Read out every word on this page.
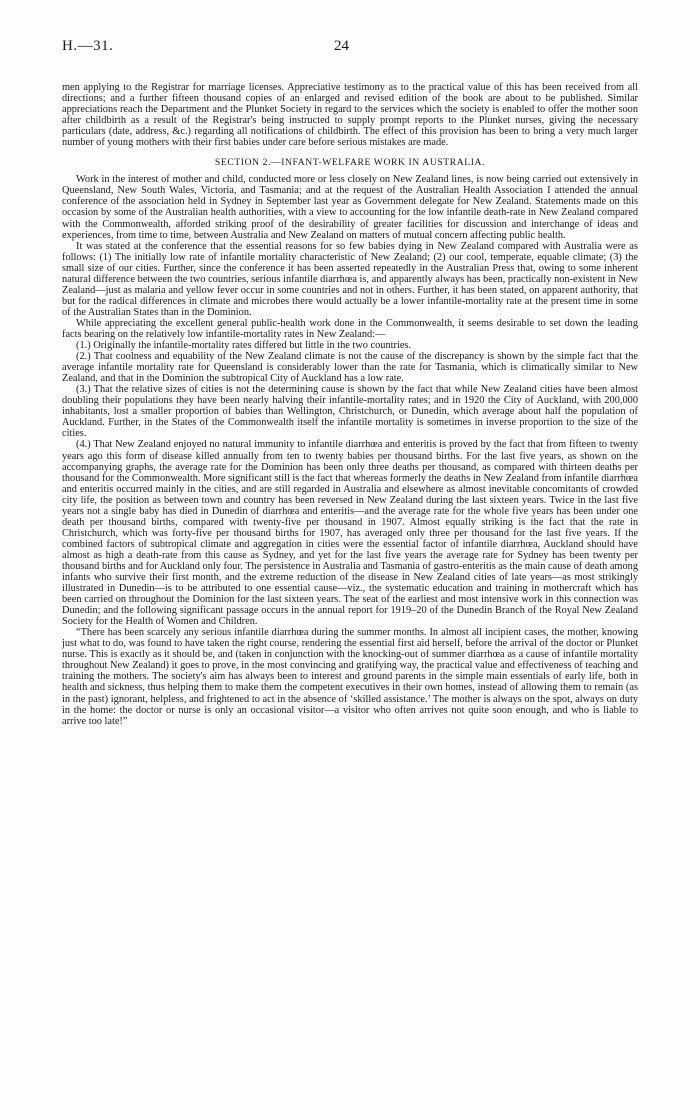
H.—31.	24

men applying to the Registrar for marriage licenses. Appreciative testimony as to the practical value of this has been received from all directions; and a further fifteen thousand copies of an enlarged and revised edition of the book are about to be published. Similar appreciations reach the Department and the Plunket Society in regard to the services which the society is enabled to offer the mother soon after childbirth as a result of the Registrar's being instructed to supply prompt reports to the Plunket nurses, giving the necessary particulars (date, address, &c.) regarding all notifications of childbirth. The effect of this provision has been to bring a very much larger number of young mothers with their first babies under care before serious mistakes are made.

SECTION 2.—INFANT-WELFARE WORK IN AUSTRALIA.

Work in the interest of mother and child, conducted more or less closely on New Zealand lines, is now being carried out extensively in Queensland, New South Wales, Victoria, and Tasmania; and at the request of the Australian Health Association I attended the annual conference of the association held in Sydney in September last year as Government delegate for New Zealand. Statements made on this occasion by some of the Australian health authorities, with a view to accounting for the low infantile death-rate in New Zealand compared with the Commonwealth, afforded striking proof of the desirability of greater facilities for discussion and interchange of ideas and experiences, from time to time, between Australia and New Zealand on matters of mutual concern affecting public health.

It was stated at the conference that the essential reasons for so few babies dying in New Zealand compared with Australia were as follows: (1) The initially low rate of infantile mortality characteristic of New Zealand; (2) our cool, temperate, equable climate; (3) the small size of our cities. Further, since the conference it has been asserted repeatedly in the Australian Press that, owing to some inherent natural difference between the two countries, serious infantile diarrhœa is, and apparently always has been, practically non-existent in New Zealand—just as malaria and yellow fever occur in some countries and not in others. Further, it has been stated, on apparent authority, that but for the radical differences in climate and microbes there would actually be a lower infantile-mortality rate at the present time in some of the Australian States than in the Dominion.

While appreciating the excellent general public-health work done in the Commonwealth, it seems desirable to set down the leading facts bearing on the relatively low infantile-mortality rates in New Zealand:—

(1.) Originally the infantile-mortality rates differed but little in the two countries.

(2.) That coolness and equability of the New Zealand climate is not the cause of the discrepancy is shown by the simple fact that the average infantile mortality rate for Queensland is considerably lower than the rate for Tasmania, which is climatically similar to New Zealand, and that in the Dominion the subtropical City of Auckland has a low rate.

(3.) That the relative sizes of cities is not the determining cause is shown by the fact that while New Zealand cities have been almost doubling their populations they have been nearly halving their infantile-mortality rates; and in 1920 the City of Auckland, with 200,000 inhabitants, lost a smaller proportion of babies than Wellington, Christchurch, or Dunedin, which average about half the population of Auckland. Further, in the States of the Commonwealth itself the infantile mortality is sometimes in inverse proportion to the size of the cities.

(4.) That New Zealand enjoyed no natural immunity to infantile diarrhœa and enteritis is proved by the fact that from fifteen to twenty years ago this form of disease killed annually from ten to twenty babies per thousand births. For the last five years, as shown on the accompanying graphs, the average rate for the Dominion has been only three deaths per thousand, as compared with thirteen deaths per thousand for the Commonwealth. More significant still is the fact that whereas formerly the deaths in New Zealand from infantile diarrhœa and enteritis occurred mainly in the cities, and are still regarded in Australia and elsewhere as almost inevitable concomitants of crowded city life, the position as between town and country has been reversed in New Zealand during the last sixteen years. Twice in the last five years not a single baby has died in Dunedin of diarrhœa and enteritis—and the average rate for the whole five years has been under one death per thousand births, compared with twenty-five per thousand in 1907. Almost equally striking is the fact that the rate in Christchurch, which was forty-five per thousand births for 1907, has averaged only three per thousand for the last five years. If the combined factors of subtropical climate and aggregation in cities were the essential factor of infantile diarrhœa, Auckland should have almost as high a death-rate from this cause as Sydney, and yet for the last five years the average rate for Sydney has been twenty per thousand births and for Auckland only four. The persistence in Australia and Tasmania of gastro-enteritis as the main cause of death among infants who survive their first month, and the extreme reduction of the disease in New Zealand cities of late years—as most strikingly illustrated in Dunedin—is to be attributed to one essential cause—viz., the systematic education and training in mothercraft which has been carried on throughout the Dominion for the last sixteen years. The seat of the earliest and most intensive work in this connection was Dunedin; and the following significant passage occurs in the annual report for 1919–20 of the Dunedin Branch of the Royal New Zealand Society for the Health of Women and Children.

“There has been scarcely any serious infantile diarrhœa during the summer months. In almost all incipient cases, the mother, knowing just what to do, was found to have taken the right course, rendering the essential first aid herself, before the arrival of the doctor or Plunket nurse. This is exactly as it should be, and (taken in conjunction with the knocking-out of summer diarrhœa as a cause of infantile mortality throughout New Zealand) it goes to prove, in the most convincing and gratifying way, the practical value and effectiveness of teaching and training the mothers. The society's aim has always been to interest and ground parents in the simple main essentials of early life, both in health and sickness, thus helping them to make them the competent executives in their own homes, instead of allowing them to remain (as in the past) ignorant, helpless, and frightened to act in the absence of ‘skilled assistance.’ The mother is always on the spot, always on duty in the home: the doctor or nurse is only an occasional visitor—a visitor who often arrives not quite soon enough, and who is liable to arrive too late!”
